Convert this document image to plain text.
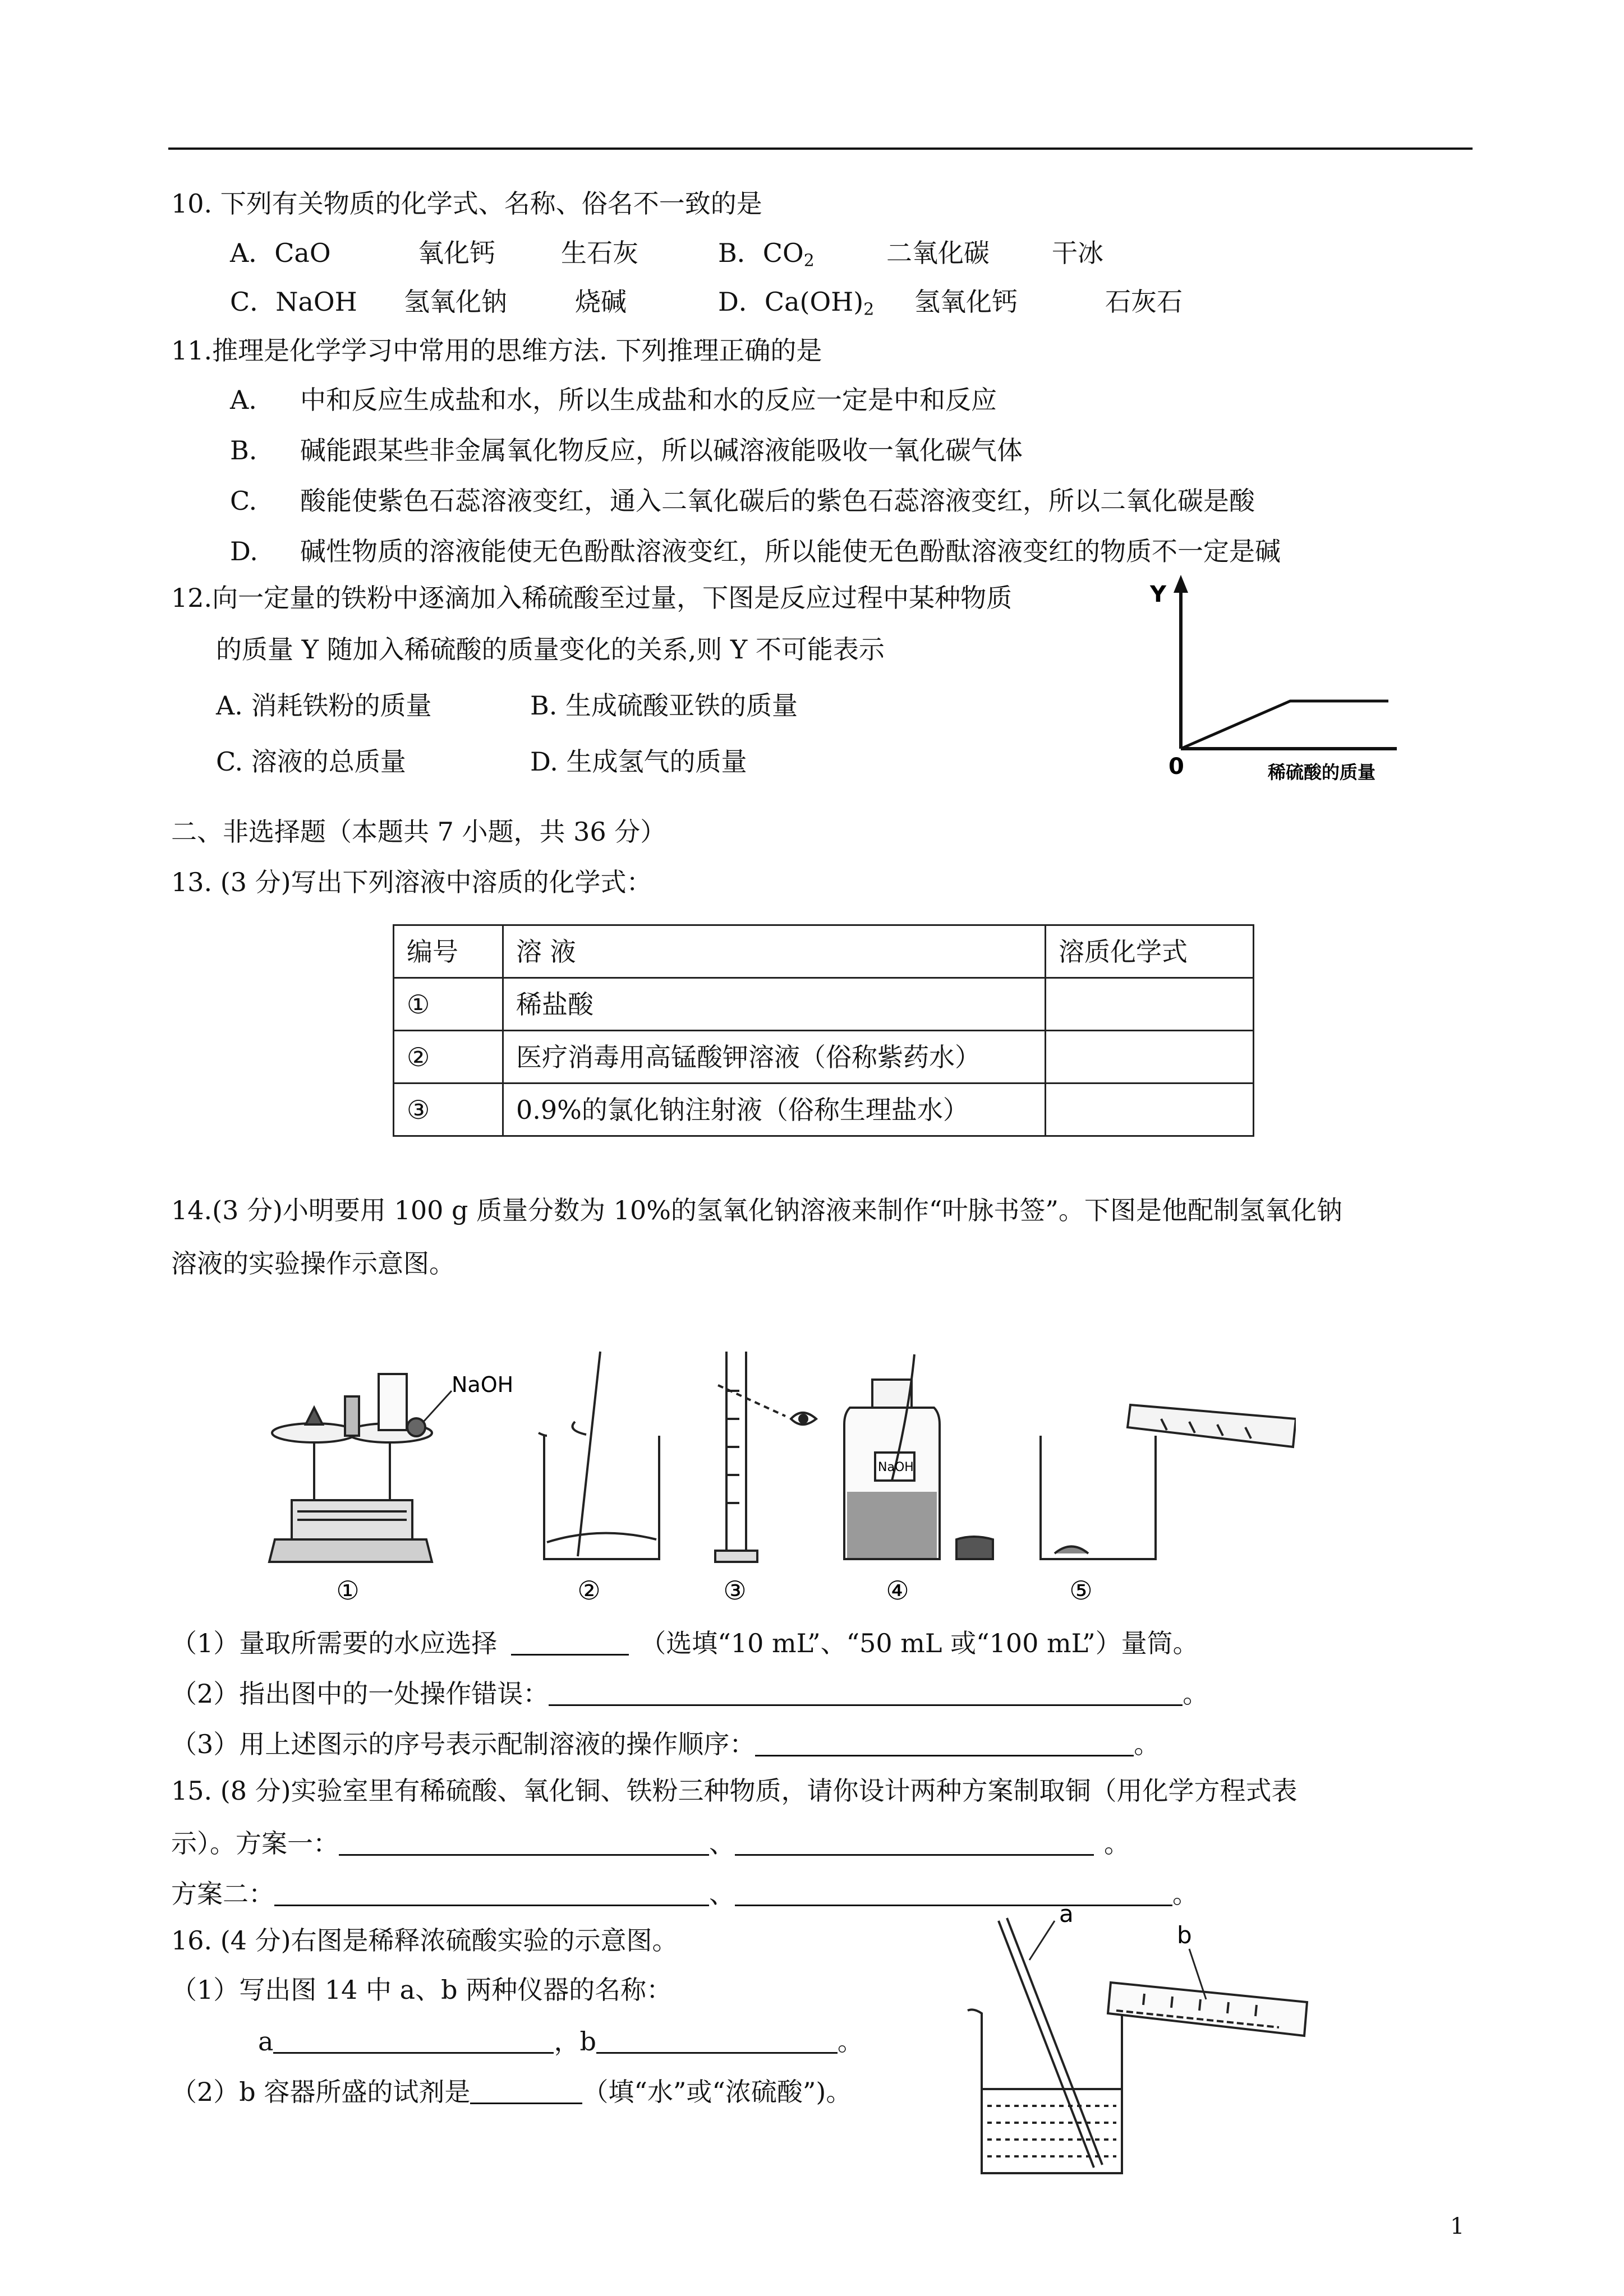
10. 下列有关物质的化学式、名称、俗名不一致的是
A．CaO	氧化钙	生石灰	B．$CO_2$	二氧化碳 干冰
C．NaOH 氢氧化钠	烧碱	D．$Ca(OH)_2$ 氢氧化钙	石灰石
11.推理是化学学习中常用的思维方法. 下列推理正确的是
A. 中和反应生成盐和水，所以生成盐和水的反应一定是中和反应
B. 碱能跟某些非金属氧化物反应，所以碱溶液能吸收一氧化碳气体
C. 酸能使紫色石蕊溶液变红，通入二氧化碳后的紫色石蕊溶液变红，所以二氧化碳是酸
D. 碱性物质的溶液能使无色酚酞溶液变红，所以能使无色酚酞溶液变红的物质不一定是碱
12.向一定量的铁粉中逐滴加入稀硫酸至过量，下图是反应过程中某种物质
的质量 Y 随加入稀硫酸的质量变化的关系,则 Y 不可能表示
A. 消耗铁粉的质量	B. 生成硫酸亚铁的质量
C. 溶液的总质量	D. 生成氢气的质量
Y
0	稀硫酸的质量
二、非选择题（本题共 7 小题，共 36 分）
13. (3 分)写出下列溶液中溶质的化学式：
编号	溶 液	溶质化学式
①	稀盐酸	
②	医疗消毒用高锰酸钾溶液（俗称紫药水）	
③	0.9%的氯化钠注射液（俗称生理盐水）	
14.(3 分)小明要用 100 g 质量分数为 10%的氢氧化钠溶液来制作“叶脉书签”。下图是他配制氢氧化钠
溶液的实验操作示意图。
NaOH
NaOH
①	②	③	④	⑤
（1）量取所需要的水应选择	（选填“10 mL”、“50 mL 或“100 mL”）量筒。
（2）指出图中的一处操作错误：	。
（3）用上述图示的序号表示配制溶液的操作顺序：	。
15. (8 分)实验室里有稀硫酸、氧化铜、铁粉三种物质，请你设计两种方案制取铜（用化学方程式表
示）。方案一：	、	。
方案二：	、	。
16. (4 分)右图是稀释浓硫酸实验的示意图。
（1）写出图 14 中 a、b 两种仪器的名称：
a	，b	。
（2）b 容器所盛的试剂是	（填“水”或“浓硫酸”)。
a
b
1
